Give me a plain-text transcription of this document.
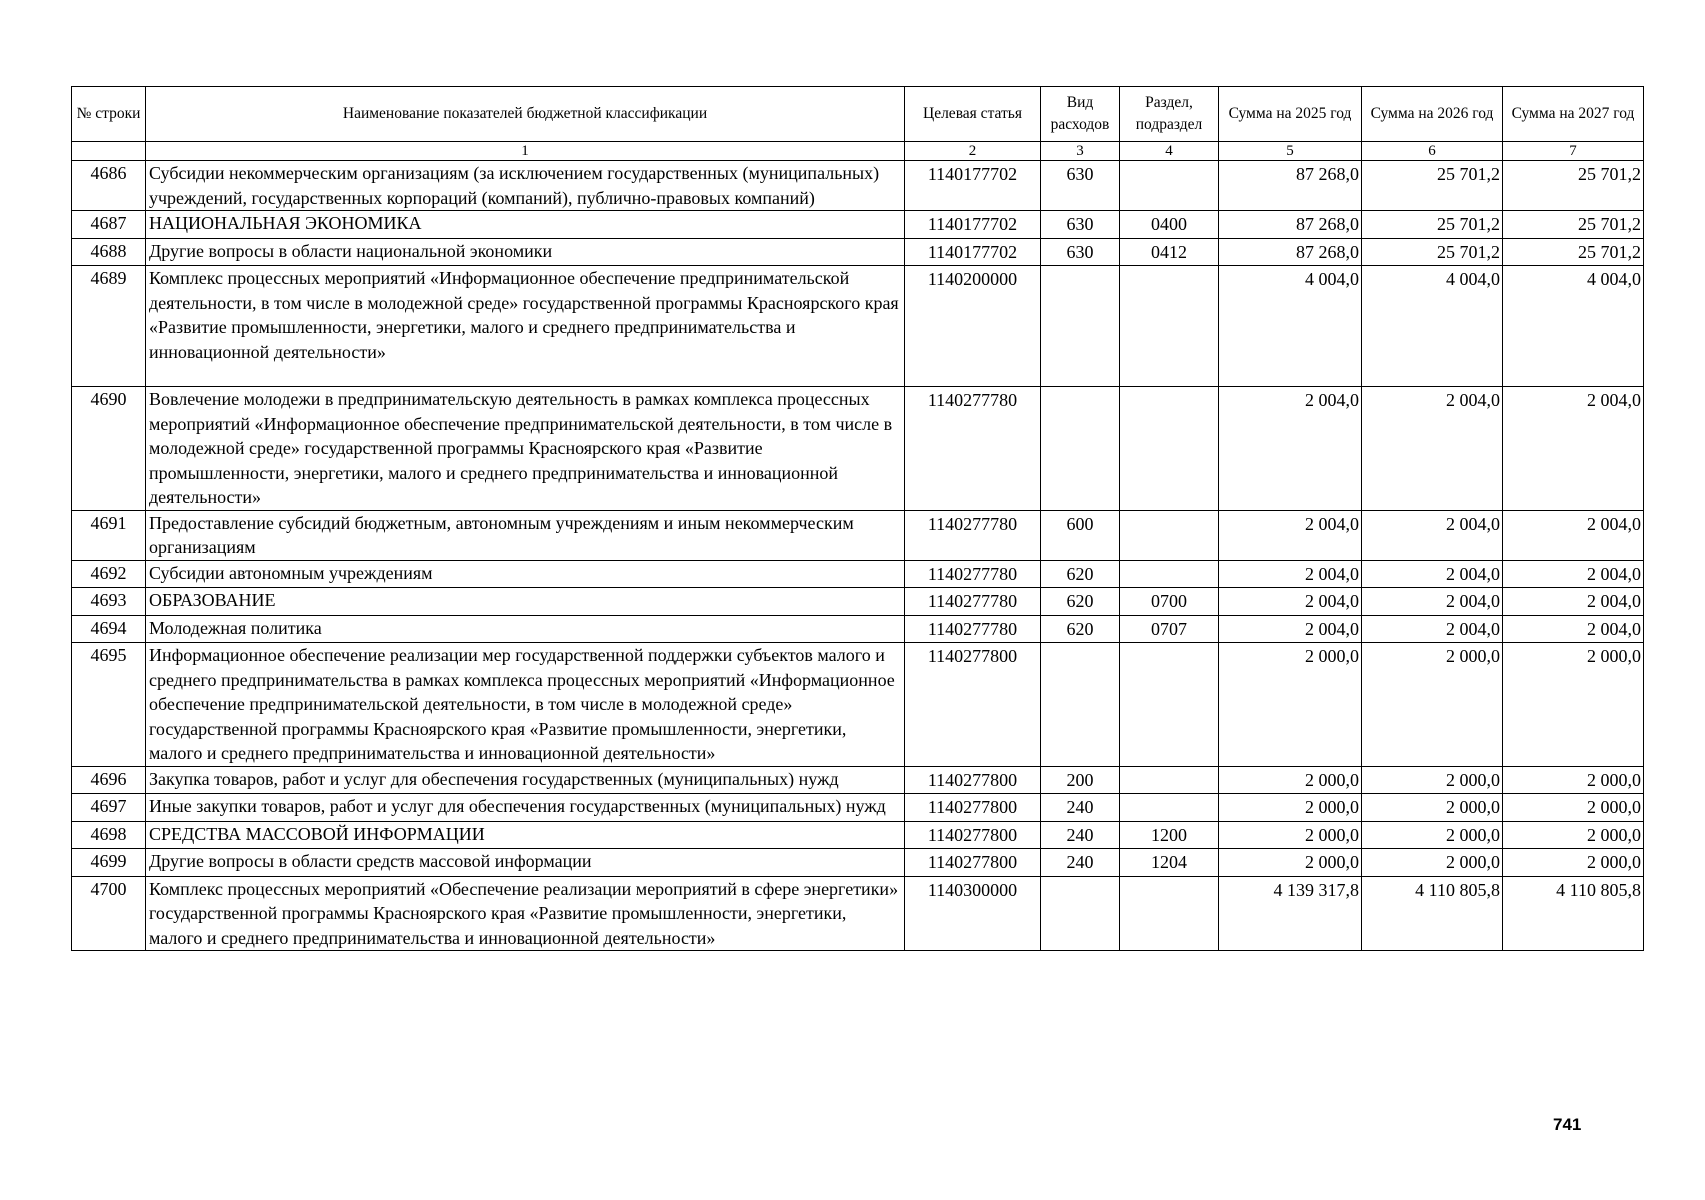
№ строки	Наименование показателей бюджетной классификации	Целевая статья	Вид расходов	Раздел, подраздел	Сумма на 2025 год	Сумма на 2026 год	Сумма на 2027 год
	1	2	3	4	5	6	7
4686	Субсидии некоммерческим организациям (за исключением государственных (муниципальных) учреждений, государственных корпораций (компаний), публично-правовых компаний)	1140177702	630		87 268,0	25 701,2	25 701,2
4687	НАЦИОНАЛЬНАЯ ЭКОНОМИКА	1140177702	630	0400	87 268,0	25 701,2	25 701,2
4688	Другие вопросы в области национальной экономики	1140177702	630	0412	87 268,0	25 701,2	25 701,2
4689	Комплекс процессных мероприятий «Информационное обеспечение предпринимательской деятельности, в том числе в молодежной среде» государственной программы Красноярского края «Развитие промышленности, энергетики, малого и среднего предпринимательства и инновационной деятельности»	1140200000			4 004,0	4 004,0	4 004,0
4690	Вовлечение молодежи в предпринимательскую деятельность в рамках комплекса процессных мероприятий «Информационное обеспечение предпринимательской деятельности, в том числе в молодежной среде» государственной программы Красноярского края «Развитие промышленности, энергетики, малого и среднего предпринимательства и инновационной деятельности»	1140277780			2 004,0	2 004,0	2 004,0
4691	Предоставление субсидий бюджетным, автономным учреждениям и иным некоммерческим организациям	1140277780	600		2 004,0	2 004,0	2 004,0
4692	Субсидии автономным учреждениям	1140277780	620		2 004,0	2 004,0	2 004,0
4693	ОБРАЗОВАНИЕ	1140277780	620	0700	2 004,0	2 004,0	2 004,0
4694	Молодежная политика	1140277780	620	0707	2 004,0	2 004,0	2 004,0
4695	Информационное обеспечение реализации мер государственной поддержки субъектов малого и среднего предпринимательства в рамках комплекса процессных мероприятий «Информационное обеспечение предпринимательской деятельности, в том числе в молодежной среде» государственной программы Красноярского края «Развитие промышленности, энергетики, малого и среднего предпринимательства и инновационной деятельности»	1140277800			2 000,0	2 000,0	2 000,0
4696	Закупка товаров, работ и услуг для обеспечения государственных (муниципальных) нужд	1140277800	200		2 000,0	2 000,0	2 000,0
4697	Иные закупки товаров, работ и услуг для обеспечения государственных (муниципальных) нужд	1140277800	240		2 000,0	2 000,0	2 000,0
4698	СРЕДСТВА МАССОВОЙ ИНФОРМАЦИИ	1140277800	240	1200	2 000,0	2 000,0	2 000,0
4699	Другие вопросы в области средств массовой информации	1140277800	240	1204	2 000,0	2 000,0	2 000,0
4700	Комплекс процессных мероприятий «Обеспечение реализации мероприятий в сфере энергетики» государственной программы Красноярского края «Развитие промышленности, энергетики, малого и среднего предпринимательства и инновационной деятельности»	1140300000			4 139 317,8	4 110 805,8	4 110 805,8
741
